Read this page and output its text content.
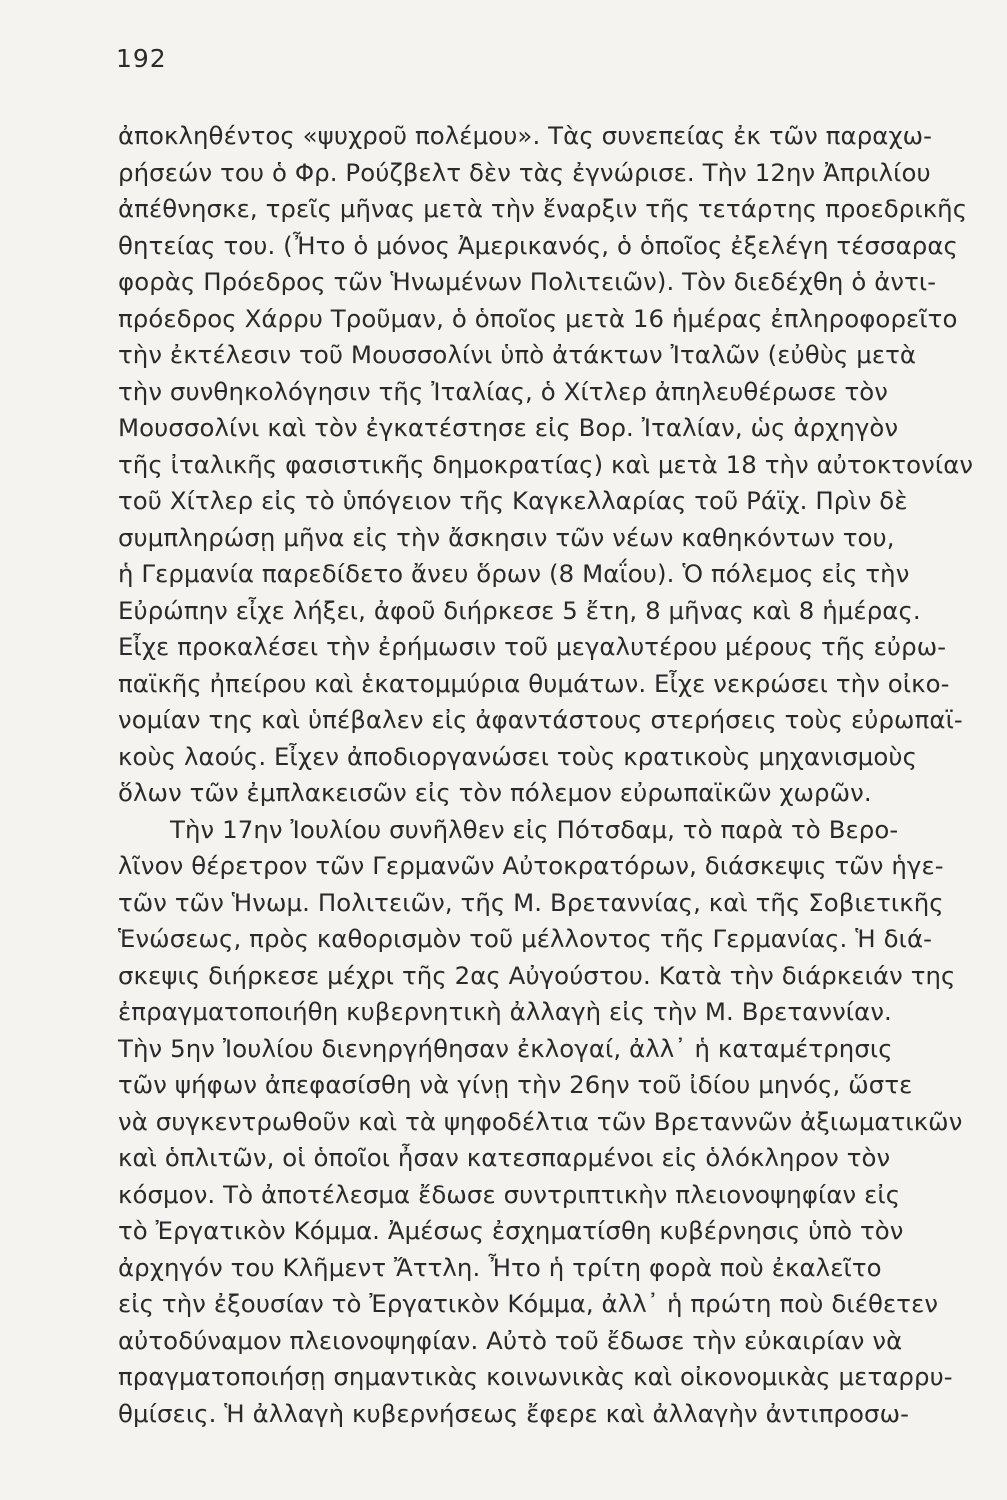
192
ἀποκληθέντος «ψυχροῦ πολέμου». Τὰς συνεπείας ἐκ τῶν παραχω-
ρήσεών του ὁ Φρ. Ρούζβελτ δὲν τὰς ἐγνώρισε. Τὴν 12ην Ἀπριλίου
ἀπέθνησκε, τρεῖς μῆνας μετὰ τὴν ἔναρξιν τῆς τετάρτης προεδρικῆς
θητείας του. (Ἦτο ὁ μόνος Ἀμερικανός, ὁ ὁποῖος ἐξελέγη τέσσαρας
φορὰς Πρόεδρος τῶν Ἡνωμένων Πολιτειῶν). Τὸν διεδέχθη ὁ ἀντι-
πρόεδρος Χάρρυ Τροῦμαν, ὁ ὁποῖος μετὰ 16 ἡμέρας ἐπληροφορεῖτο
τὴν ἐκτέλεσιν τοῦ Μουσσολίνι ὑπὸ ἀτάκτων Ἰταλῶν (εὐθὺς μετὰ
τὴν συνθηκολόγησιν τῆς Ἰταλίας, ὁ Χίτλερ ἀπηλευθέρωσε τὸν
Μουσσολίνι καὶ τὸν ἐγκατέστησε εἰς Βορ. Ἰταλίαν, ὡς ἀρχηγὸν
τῆς ἰταλικῆς φασιστικῆς δημοκρατίας) καὶ μετὰ 18 τὴν αὐτοκτονίαν
τοῦ Χίτλερ εἰς τὸ ὑπόγειον τῆς Καγκελλαρίας τοῦ Ράϊχ. Πρὶν δὲ
συμπληρώσῃ μῆνα εἰς τὴν ἄσκησιν τῶν νέων καθηκόντων του,
ἡ Γερμανία παρεδίδετο ἄνευ ὅρων (8 Μαΐου). Ὁ πόλεμος εἰς τὴν
Εὐρώπην εἶχε λήξει, ἀφοῦ διήρκεσε 5 ἔτη, 8 μῆνας καὶ 8 ἡμέρας.
Εἶχε προκαλέσει τὴν ἐρήμωσιν τοῦ μεγαλυτέρου μέρους τῆς εὐρω-
παϊκῆς ἠπείρου καὶ ἑκατομμύρια θυμάτων. Εἶχε νεκρώσει τὴν οἰκο-
νομίαν της καὶ ὑπέβαλεν εἰς ἀφαντάστους στερήσεις τοὺς εὐρωπαϊ-
κοὺς λαούς. Εἶχεν ἀποδιοργανώσει τοὺς κρατικοὺς μηχανισμοὺς
ὅλων τῶν ἐμπλακεισῶν εἰς τὸν πόλεμον εὐρωπαϊκῶν χωρῶν.
Τὴν 17ην Ἰουλίου συνῆλθεν εἰς Πότσδαμ, τὸ παρὰ τὸ Βερο-
λῖνον θέρετρον τῶν Γερμανῶν Αὐτοκρατόρων, διάσκεψις τῶν ἡγε-
τῶν τῶν Ἡνωμ. Πολιτειῶν, τῆς Μ. Βρεταννίας, καὶ τῆς Σοβιετικῆς
Ἑνώσεως, πρὸς καθορισμὸν τοῦ μέλλοντος τῆς Γερμανίας. Ἡ διά-
σκεψις διήρκεσε μέχρι τῆς 2ας Αὐγούστου. Κατὰ τὴν διάρκειάν της
ἐπραγματοποιήθη κυβερνητικὴ ἀλλαγὴ εἰς τὴν Μ. Βρεταννίαν.
Τὴν 5ην Ἰουλίου διενηργήθησαν ἐκλογαί, ἀλλ᾽ ἡ καταμέτρησις
τῶν ψήφων ἀπεφασίσθη νὰ γίνῃ τὴν 26ην τοῦ ἰδίου μηνός, ὥστε
νὰ συγκεντρωθοῦν καὶ τὰ ψηφοδέλτια τῶν Βρεταννῶν ἀξιωματικῶν
καὶ ὁπλιτῶν, οἱ ὁποῖοι ἦσαν κατεσπαρμένοι εἰς ὁλόκληρον τὸν
κόσμον. Τὸ ἀποτέλεσμα ἔδωσε συντριπτικὴν πλειονοψηφίαν εἰς
τὸ Ἐργατικὸν Κόμμα. Ἀμέσως ἐσχηματίσθη κυβέρνησις ὑπὸ τὸν
ἀρχηγόν του Κλῆμεντ Ἄττλη. Ἦτο ἡ τρίτη φορὰ ποὺ ἐκαλεῖτο
εἰς τὴν ἐξουσίαν τὸ Ἐργατικὸν Κόμμα, ἀλλ᾽ ἡ πρώτη ποὺ διέθετεν
αὐτοδύναμον πλειονοψηφίαν. Αὐτὸ τοῦ ἔδωσε τὴν εὐκαιρίαν νὰ
πραγματοποιήσῃ σημαντικὰς κοινωνικὰς καὶ οἰκονομικὰς μεταρρυ-
θμίσεις. Ἡ ἀλλαγὴ κυβερνήσεως ἔφερε καὶ ἀλλαγὴν ἀντιπροσω-
